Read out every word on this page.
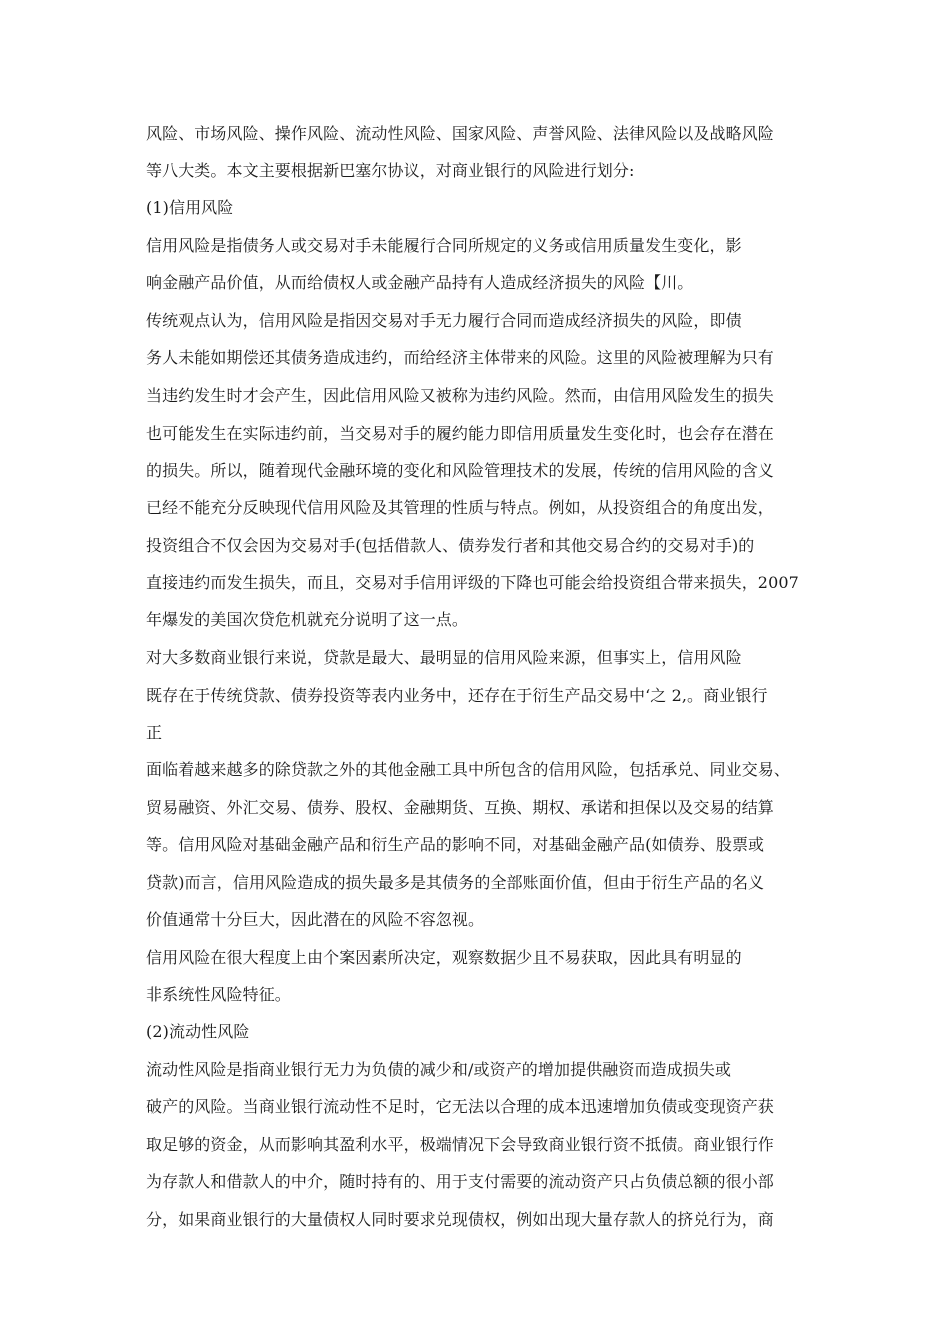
风险、市场风险、操作风险、流动性风险、国家风险、声誉风险、法律风险以及战略风险
等八大类。本文主要根据新巴塞尔协议，对商业银行的风险进行划分:
(1)信用风险
信用风险是指债务人或交易对手未能履行合同所规定的义务或信用质量发生变化，影
响金融产品价值，从而给债权人或金融产品持有人造成经济损失的风险【川。
传统观点认为，信用风险是指因交易对手无力履行合同而造成经济损失的风险，即债
务人未能如期偿还其债务造成违约，而给经济主体带来的风险。这里的风险被理解为只有
当违约发生时才会产生，因此信用风险又被称为违约风险。然而，由信用风险发生的损失
也可能发生在实际违约前，当交易对手的履约能力即信用质量发生变化时，也会存在潜在
的损失。所以，随着现代金融环境的变化和风险管理技术的发展，传统的信用风险的含义
已经不能充分反映现代信用风险及其管理的性质与特点。例如，从投资组合的角度出发，
投资组合不仅会因为交易对手(包括借款人、债券发行者和其他交易合约的交易对手)的
直接违约而发生损失，而且，交易对手信用评级的下降也可能会给投资组合带来损失，2007
年爆发的美国次贷危机就充分说明了这一点。
对大多数商业银行来说，贷款是最大、最明显的信用风险来源，但事实上，信用风险
既存在于传统贷款、债券投资等表内业务中，还存在于衍生产品交易中‘之 2,。商业银行
正
面临着越来越多的除贷款之外的其他金融工具中所包含的信用风险，包括承兑、同业交易、
贸易融资、外汇交易、债券、股权、金融期货、互换、期权、承诺和担保以及交易的结算
等。信用风险对基础金融产品和衍生产品的影响不同，对基础金融产品(如债券、股票或
贷款)而言，信用风险造成的损失最多是其债务的全部账面价值，但由于衍生产品的名义
价值通常十分巨大，因此潜在的风险不容忽视。
信用风险在很大程度上由个案因素所决定，观察数据少且不易获取，因此具有明显的
非系统性风险特征。
(2)流动性风险
流动性风险是指商业银行无力为负债的减少和/或资产的增加提供融资而造成损失或
破产的风险。当商业银行流动性不足时，它无法以合理的成本迅速增加负债或变现资产获
取足够的资金，从而影响其盈利水平，极端情况下会导致商业银行资不抵债。商业银行作
为存款人和借款人的中介，随时持有的、用于支付需要的流动资产只占负债总额的很小部
分，如果商业银行的大量债权人同时要求兑现债权，例如出现大量存款人的挤兑行为，商
